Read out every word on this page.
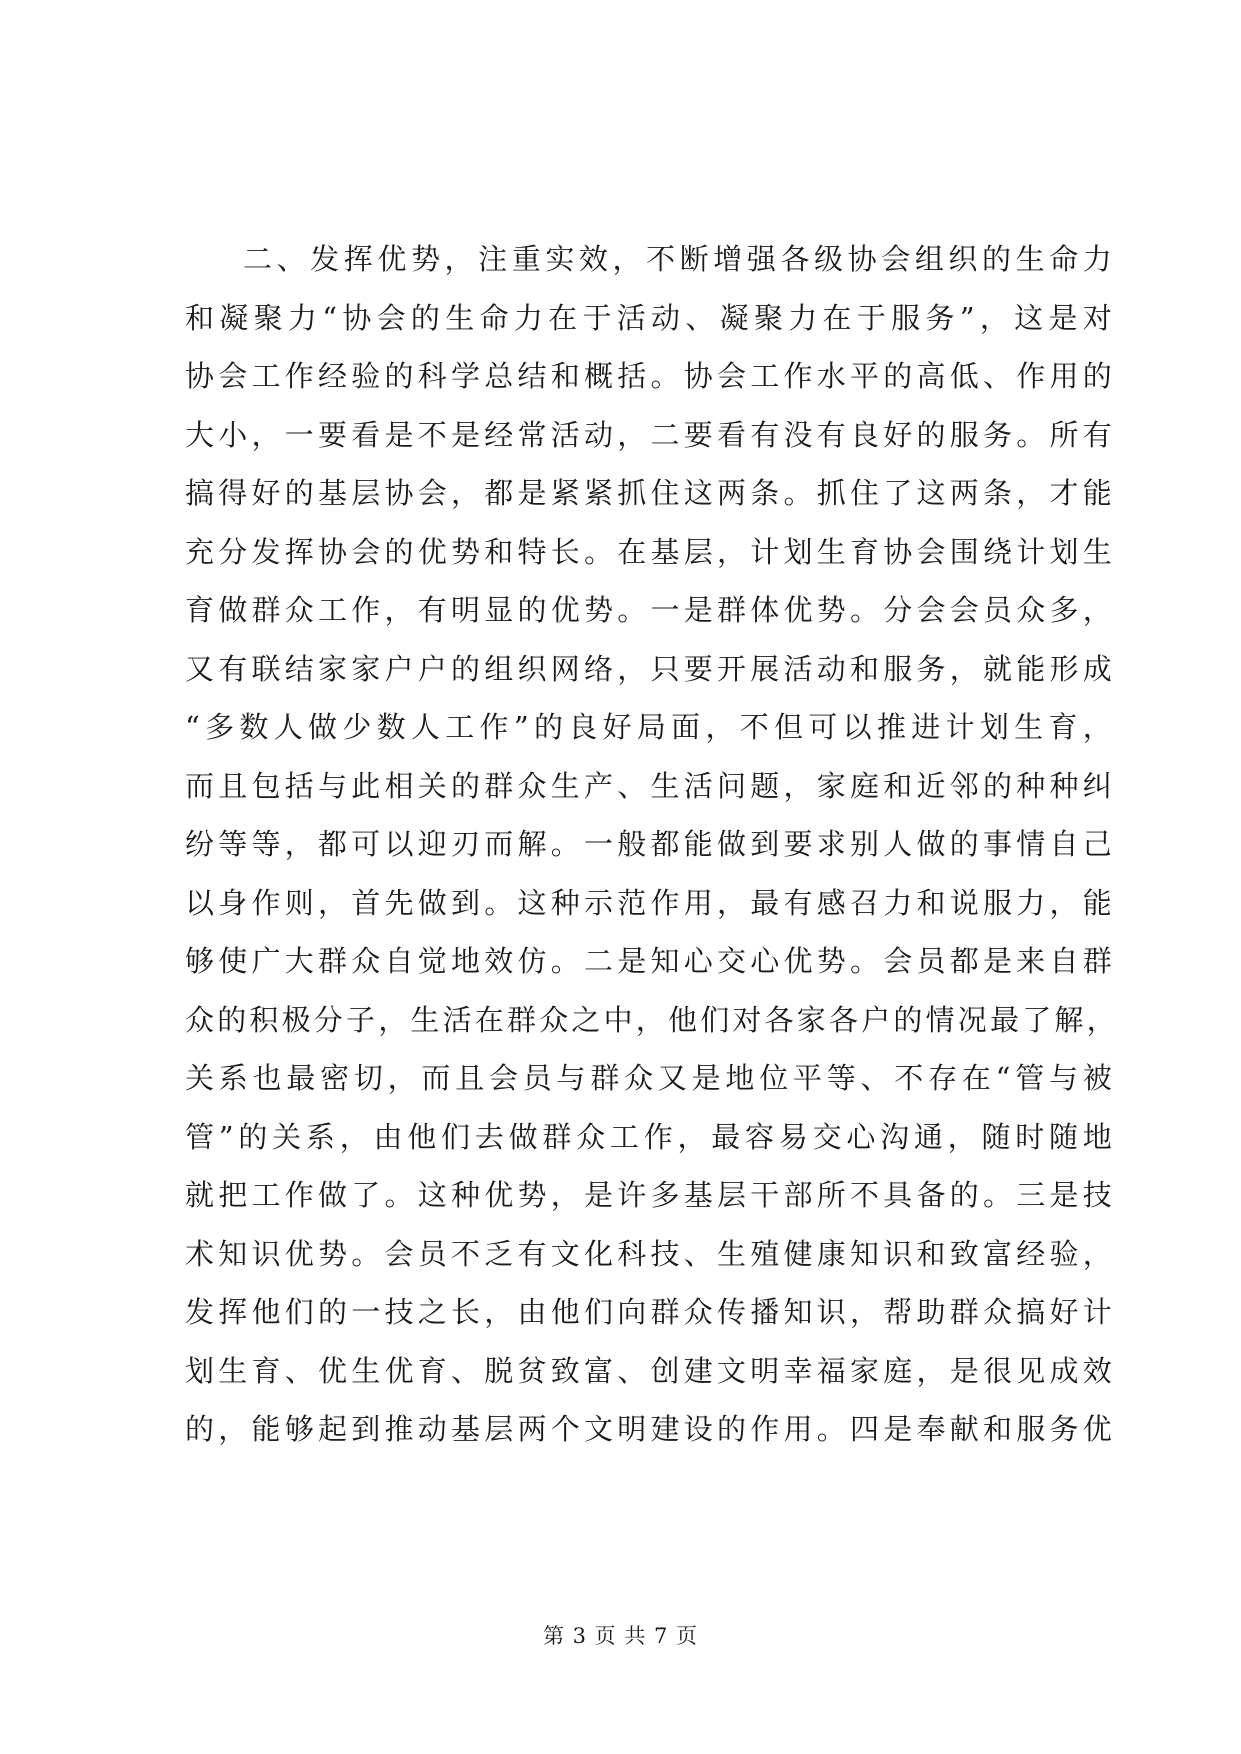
二、发挥优势，注重实效，不断增强各级协会组织的生命力
和凝聚力“协会的生命力在于活动、凝聚力在于服务”，这是对
协会工作经验的科学总结和概括。协会工作水平的高低、作用的
大小，一要看是不是经常活动，二要看有没有良好的服务。所有
搞得好的基层协会，都是紧紧抓住这两条。抓住了这两条，才能
充分发挥协会的优势和特长。在基层，计划生育协会围绕计划生
育做群众工作，有明显的优势。一是群体优势。分会会员众多，
又有联结家家户户的组织网络，只要开展活动和服务，就能形成
“多数人做少数人工作”的良好局面，不但可以推进计划生育，
而且包括与此相关的群众生产、生活问题，家庭和近邻的种种纠
纷等等，都可以迎刃而解。一般都能做到要求别人做的事情自己
以身作则，首先做到。这种示范作用，最有感召力和说服力，能
够使广大群众自觉地效仿。二是知心交心优势。会员都是来自群
众的积极分子，生活在群众之中，他们对各家各户的情况最了解，
关系也最密切，而且会员与群众又是地位平等、不存在“管与被
管”的关系，由他们去做群众工作，最容易交心沟通，随时随地
就把工作做了。这种优势，是许多基层干部所不具备的。三是技
术知识优势。会员不乏有文化科技、生殖健康知识和致富经验，
发挥他们的一技之长，由他们向群众传播知识，帮助群众搞好计
划生育、优生优育、脱贫致富、创建文明幸福家庭，是很见成效
的，能够起到推动基层两个文明建设的作用。四是奉献和服务优
第 3 页 共 7 页
